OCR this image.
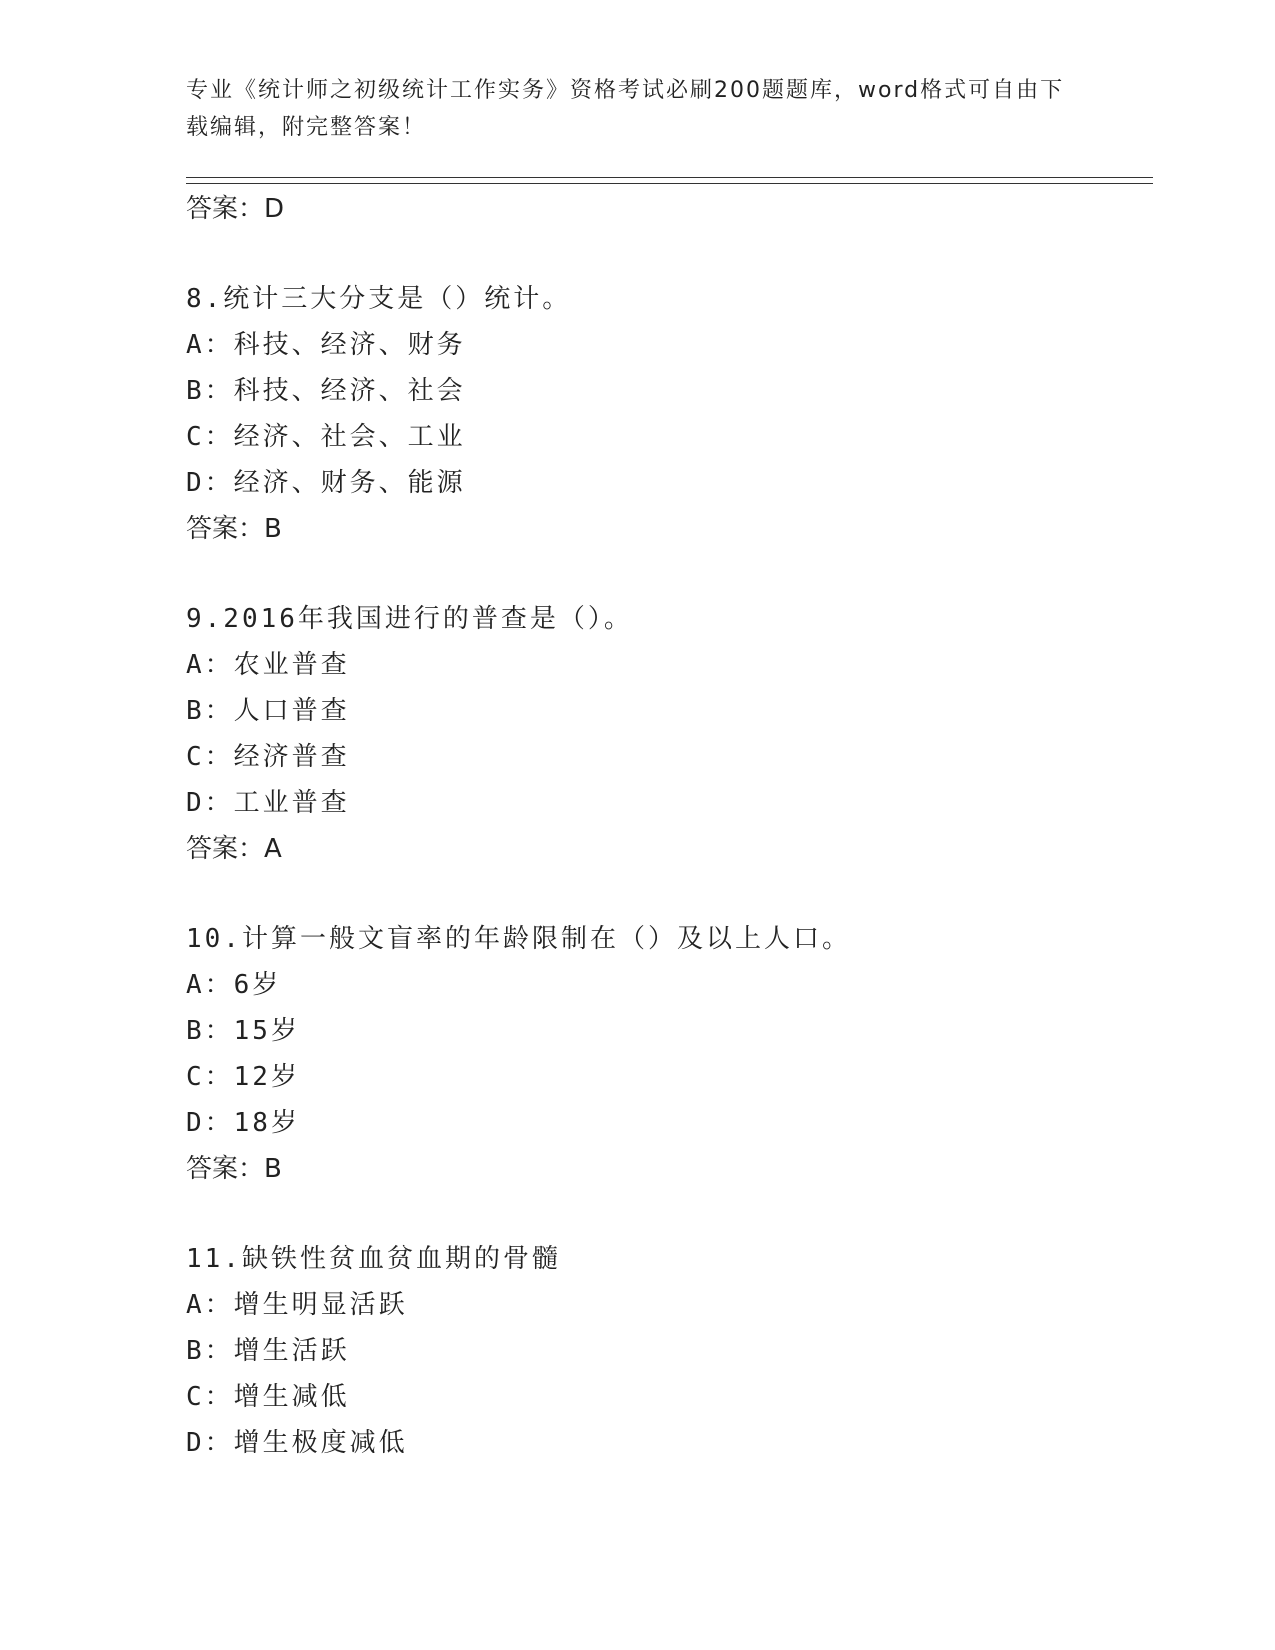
专业《统计师之初级统计工作实务》资格考试必刷200题题库，word格式可自由下载编辑，附完整答案！
答案：D
8.统计三大分支是（）统计。
A：科技、经济、财务
B：科技、经济、社会
C：经济、社会、工业
D：经济、财务、能源
答案：B
9.2016年我国进行的普查是（）。
A：农业普查
B：人口普查
C：经济普查
D：工业普查
答案：A
10.计算一般文盲率的年龄限制在（）及以上人口。
A：6岁
B：15岁
C：12岁
D：18岁
答案：B
11.缺铁性贫血贫血期的骨髓
A：增生明显活跃
B：增生活跃
C：增生减低
D：增生极度减低
